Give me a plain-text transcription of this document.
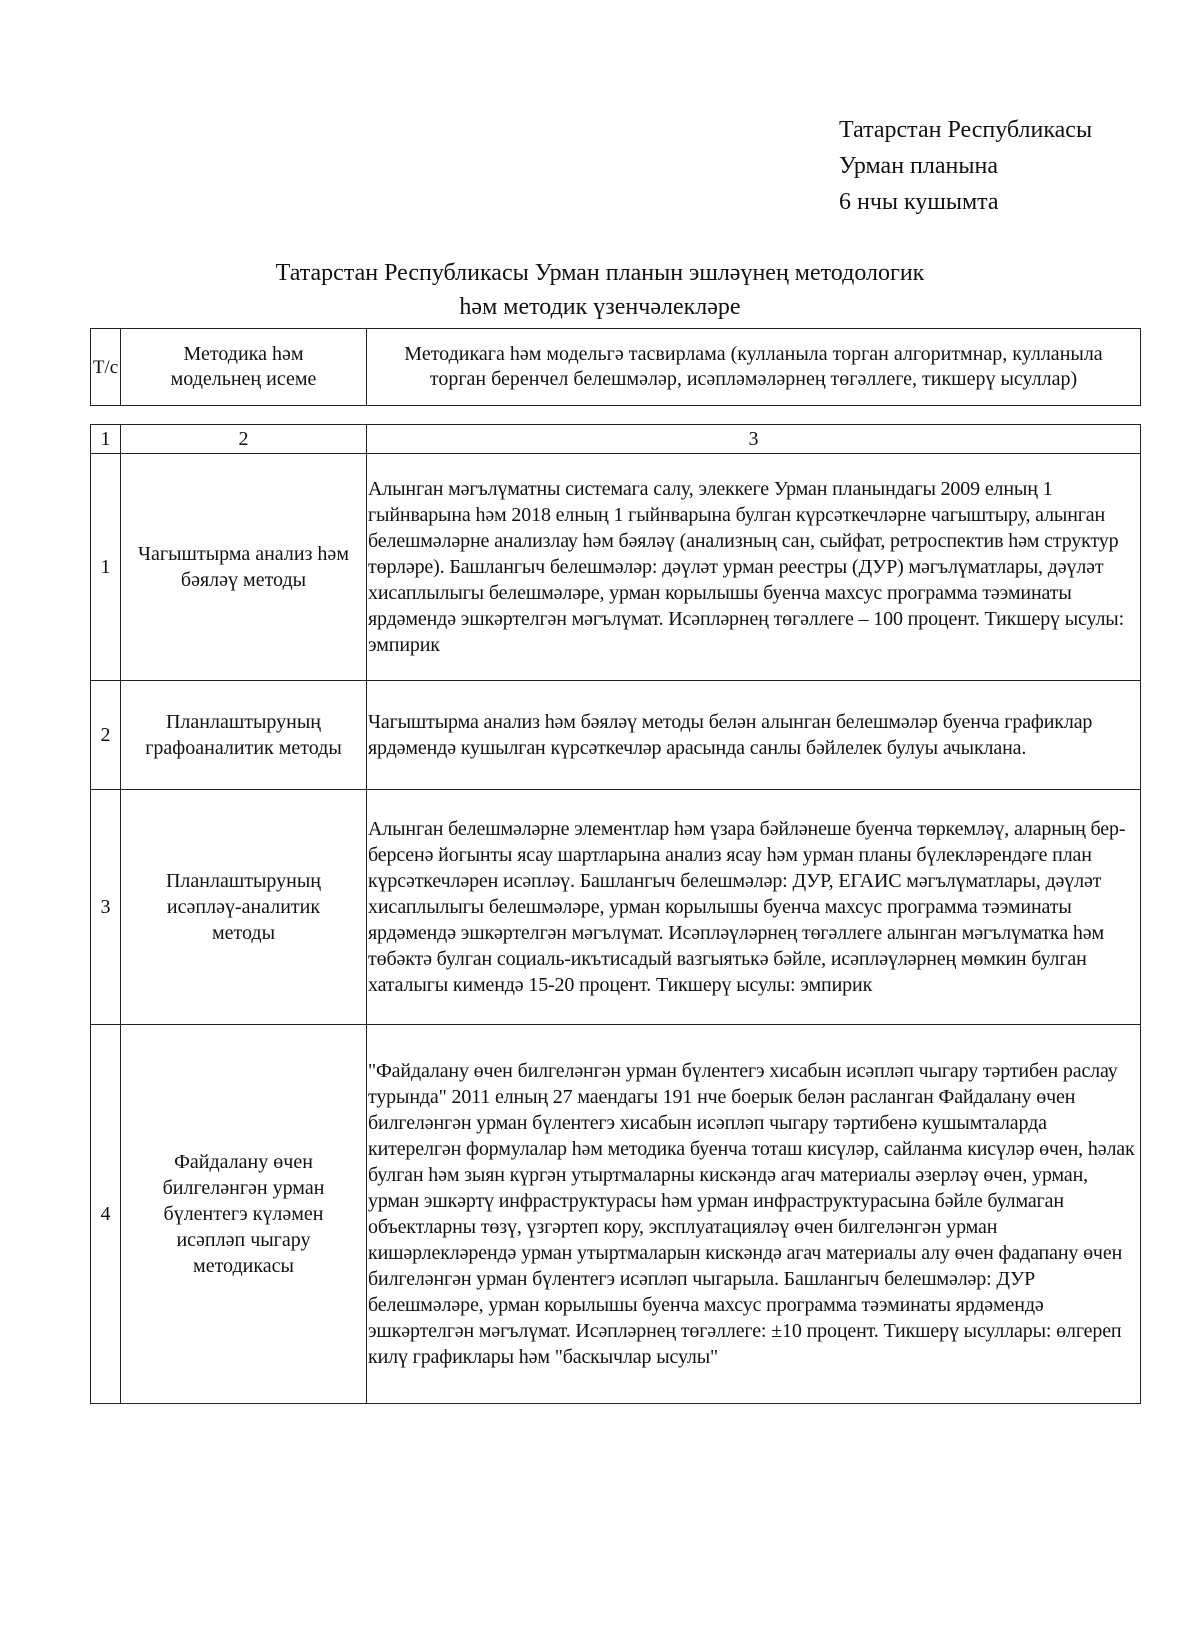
Татарстан Республикасы
Урман планына
6 нчы кушымта
Татарстан Республикасы Урман планын эшләүнең методологик
һәм методик үзенчәлекләре
Т/с	Методика һәм модельнең исеме	Методикага һәм модельгә тасвирлама (кулланыла торган алгоритмнар, кулланыла торган беренчел белешмәләр, исәпләмәләрнең төгәллеге, тикшерү ысуллар)
1	2	3
1	Чагыштырма анализ һәм бәяләү методы	Алынган мәгълүматны системага салу, элеккеге Урман планындагы 2009 елның 1 гыйнварына һәм 2018 елның 1 гыйнварына булган күрсәткечләрне чагыштыру, алынган белешмәләрне анализлау һәм бәяләү (анализның сан, сыйфат, ретроспектив һәм структур төрләре). Башлангыч белешмәләр: дәүләт урман реестры (ДУР) мәгълүматлары, дәүләт хисаплылыгы белешмәләре, урман корылышы буенча махсус программа тәэминаты ярдәмендә эшкәртелгән мәгълүмат. Исәпләрнең төгәллеге – 100 процент. Тикшерү ысулы: эмпирик
2	Планлаштыруның графоаналитик методы	Чагыштырма анализ һәм бәяләү методы белән алынган белешмәләр буенча графиклар ярдәмендә кушылган күрсәткечләр арасында санлы бәйлелек булуы ачыклана.
3	Планлаштыруның исәпләү-аналитик методы	Алынган белешмәләрне элементлар һәм үзара бәйләнеше буенча төркемләү, аларның бер-берсенә йогынты ясау шартларына анализ ясау һәм урман планы бүлекләрендәге план күрсәткечләрен исәпләү. Башлангыч белешмәләр: ДУР, ЕГАИС мәгълүматлары, дәүләт хисаплылыгы белешмәләре, урман корылышы буенча махсус программа тәэминаты ярдәмендә эшкәртелгән мәгълүмат. Исәпләүләрнең төгәллеге алынган мәгълүматка һәм төбәктә булган социаль-икътисадый вазгыятькә бәйле, исәпләүләрнең мөмкин булган хаталыгы кимендә 15-20 процент. Тикшерү ысулы: эмпирик
4	Файдалану өчен билгеләнгән урман бүлентегэ күләмен исәпләп чыгару методикасы	"Файдалану өчен билгеләнгән урман бүлентегэ хисабын исәпләп чыгару тәртибен раслау турында" 2011 елның 27 маендагы 191 нче боерык белән расланган Файдалану өчен билгеләнгән урман бүлентегэ хисабын исәпләп чыгару тәртибенә кушымталарда китерелгән формулалар һәм методика буенча тоташ кисүләр, сайланма кисүләр өчен, һәлак булган һәм зыян күргән утыртмаларны кискәндә агач материалы әзерләү өчен, урман, урман эшкәртү инфраструктурасы һәм урман инфраструктурасына бәйле булмаган объектларны төзү, үзгәртеп кору, эксплуатацияләү өчен билгеләнгән урман кишәрлекләрендә урман утыртмаларын кискәндә агач материалы алу өчен фадапану өчен билгеләнгән урман бүлентегэ исәпләп чыгарыла. Башлангыч белешмәләр: ДУР белешмәләре, урман корылышы буенча махсус программа тәэминаты ярдәмендә эшкәртелгән мәгълүмат. Исәпләрнең төгәллеге: ±10 процент. Тикшерү ысуллары: өлгереп килү графиклары һәм "баскычлар ысулы"
